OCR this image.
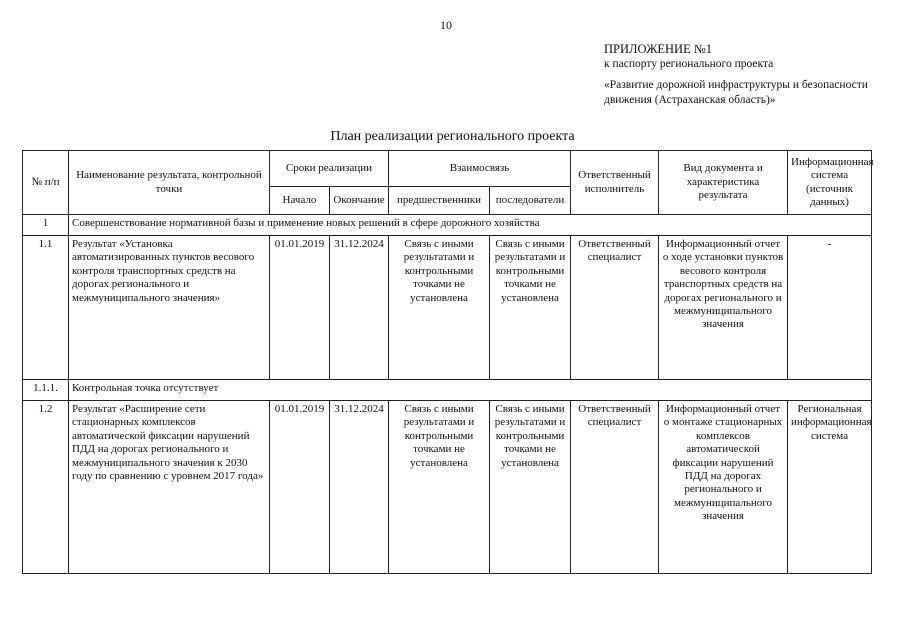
10
ПРИЛОЖЕНИЕ №1
к паспорту регионального проекта
«Развитие дорожной инфраструктуры и безопасности движения (Астраханская область)»
План реализации регионального проекта
№ п/п	Наименование результата, контрольной точки	Сроки реализации		Взаимосвязь		Ответственный исполнитель	Вид документа и характеристика результата	Информационная система (источник данных)
		Начало	Окончание	предшественники	последователи			
1	Совершенствование нормативной базы и применение новых решений в сфере дорожного хозяйства							
1.1	Результат «Установка автоматизированных пунктов весового контроля транспортных средств на дорогах регионального и межмуниципального значения»	01.01.2019	31.12.2024	Связь с иными результатами и контрольными точками не установлена	Связь с иными результатами и контрольными точками не установлена	Ответственный специалист	Информационный отчет о ходе установки пунктов весового контроля транспортных средств на дорогах регионального и межмуниципального значения	-
1.1.1.	Контрольная точка отсутствует							
1.2	Результат «Расширение сети стационарных комплексов автоматической фиксации нарушений ПДД на дорогах регионального и межмуниципального значения к 2030 году по сравнению с уровнем 2017 года»	01.01.2019	31.12.2024	Связь с иными результатами и контрольными точками не установлена	Связь с иными результатами и контрольными точками не установлена	Ответственный специалист	Информационный отчет о монтаже стационарных комплексов автоматической фиксации нарушений ПДД на дорогах регионального и межмуниципального значения	Региональная информационная система
